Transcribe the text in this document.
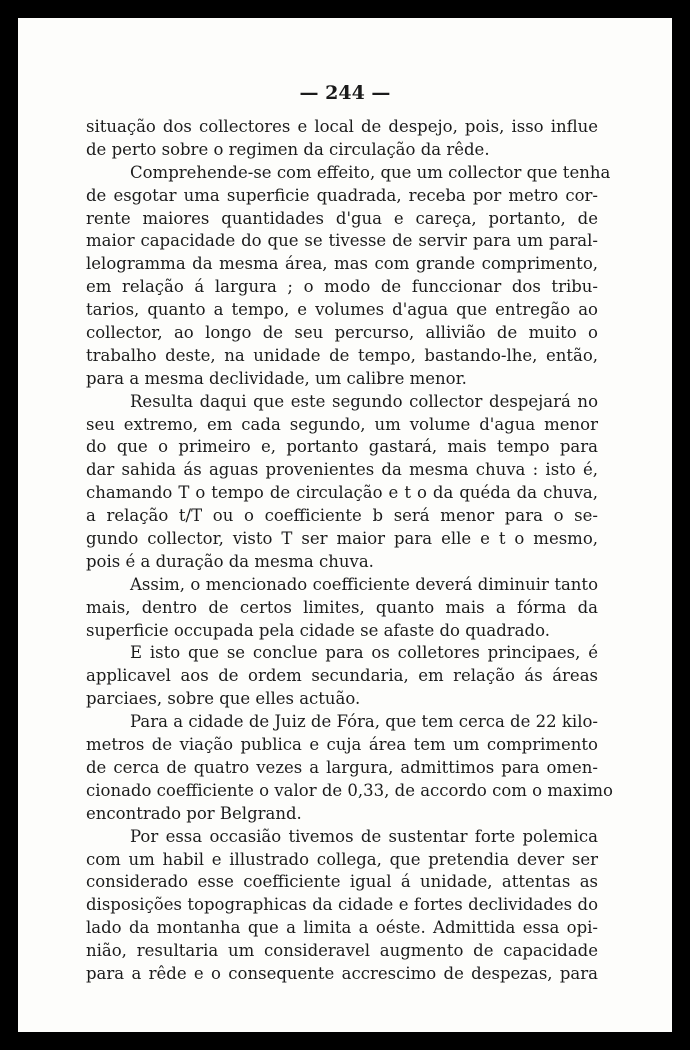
— 244 —
situação dos collectores e local de despejo, pois, isso influe
de perto sobre o regimen da circulação da rêde.
Comprehende-se com effeito, que um collector que tenha
de esgotar uma superficie quadrada, receba por metro cor-
rente maiores quantidades d'gua e careça, portanto, de
maior capacidade do que se tivesse de servir para um paral-
lelogramma da mesma área, mas com grande comprimento,
em relação á largura ; o modo de funccionar dos tribu-
tarios, quanto a tempo, e volumes d'agua que entregão ao
collector, ao longo de seu percurso, allivião de muito o
trabalho deste, na unidade de tempo, bastando-lhe, então,
para a mesma declividade, um calibre menor.
Resulta daqui que este segundo collector despejará no
seu extremo, em cada segundo, um volume d'agua menor
do que o primeiro e, portanto gastará, mais tempo para
dar sahida ás aguas provenientes da mesma chuva : isto é,
chamando T o tempo de circulação e t o da quéda da chuva,
a relação t/T ou o coefficiente b será menor para o se-
gundo collector, visto T ser maior para elle e t o mesmo,
pois é a duração da mesma chuva.
Assim, o mencionado coefficiente deverá diminuir tanto
mais, dentro de certos limites, quanto mais a fórma da
superficie occupada pela cidade se afaste do quadrado.
E isto que se conclue para os colletores principaes, é
applicavel aos de ordem secundaria, em relação ás áreas
parciaes, sobre que elles actuão.
Para a cidade de Juiz de Fóra, que tem cerca de 22 kilo-
metros de viação publica e cuja área tem um comprimento
de cerca de quatro vezes a largura, admittimos para omen-
cionado coefficiente o valor de 0,33, de accordo com o maximo
encontrado por Belgrand.
Por essa occasião tivemos de sustentar forte polemica
com um habil e illustrado collega, que pretendia dever ser
considerado esse coefficiente igual á unidade, attentas as
disposições topographicas da cidade e fortes declividades do
lado da montanha que a limita a oéste. Admittida essa opi-
nião, resultaria um consideravel augmento de capacidade
para a rêde e o consequente accrescimo de despezas, para
